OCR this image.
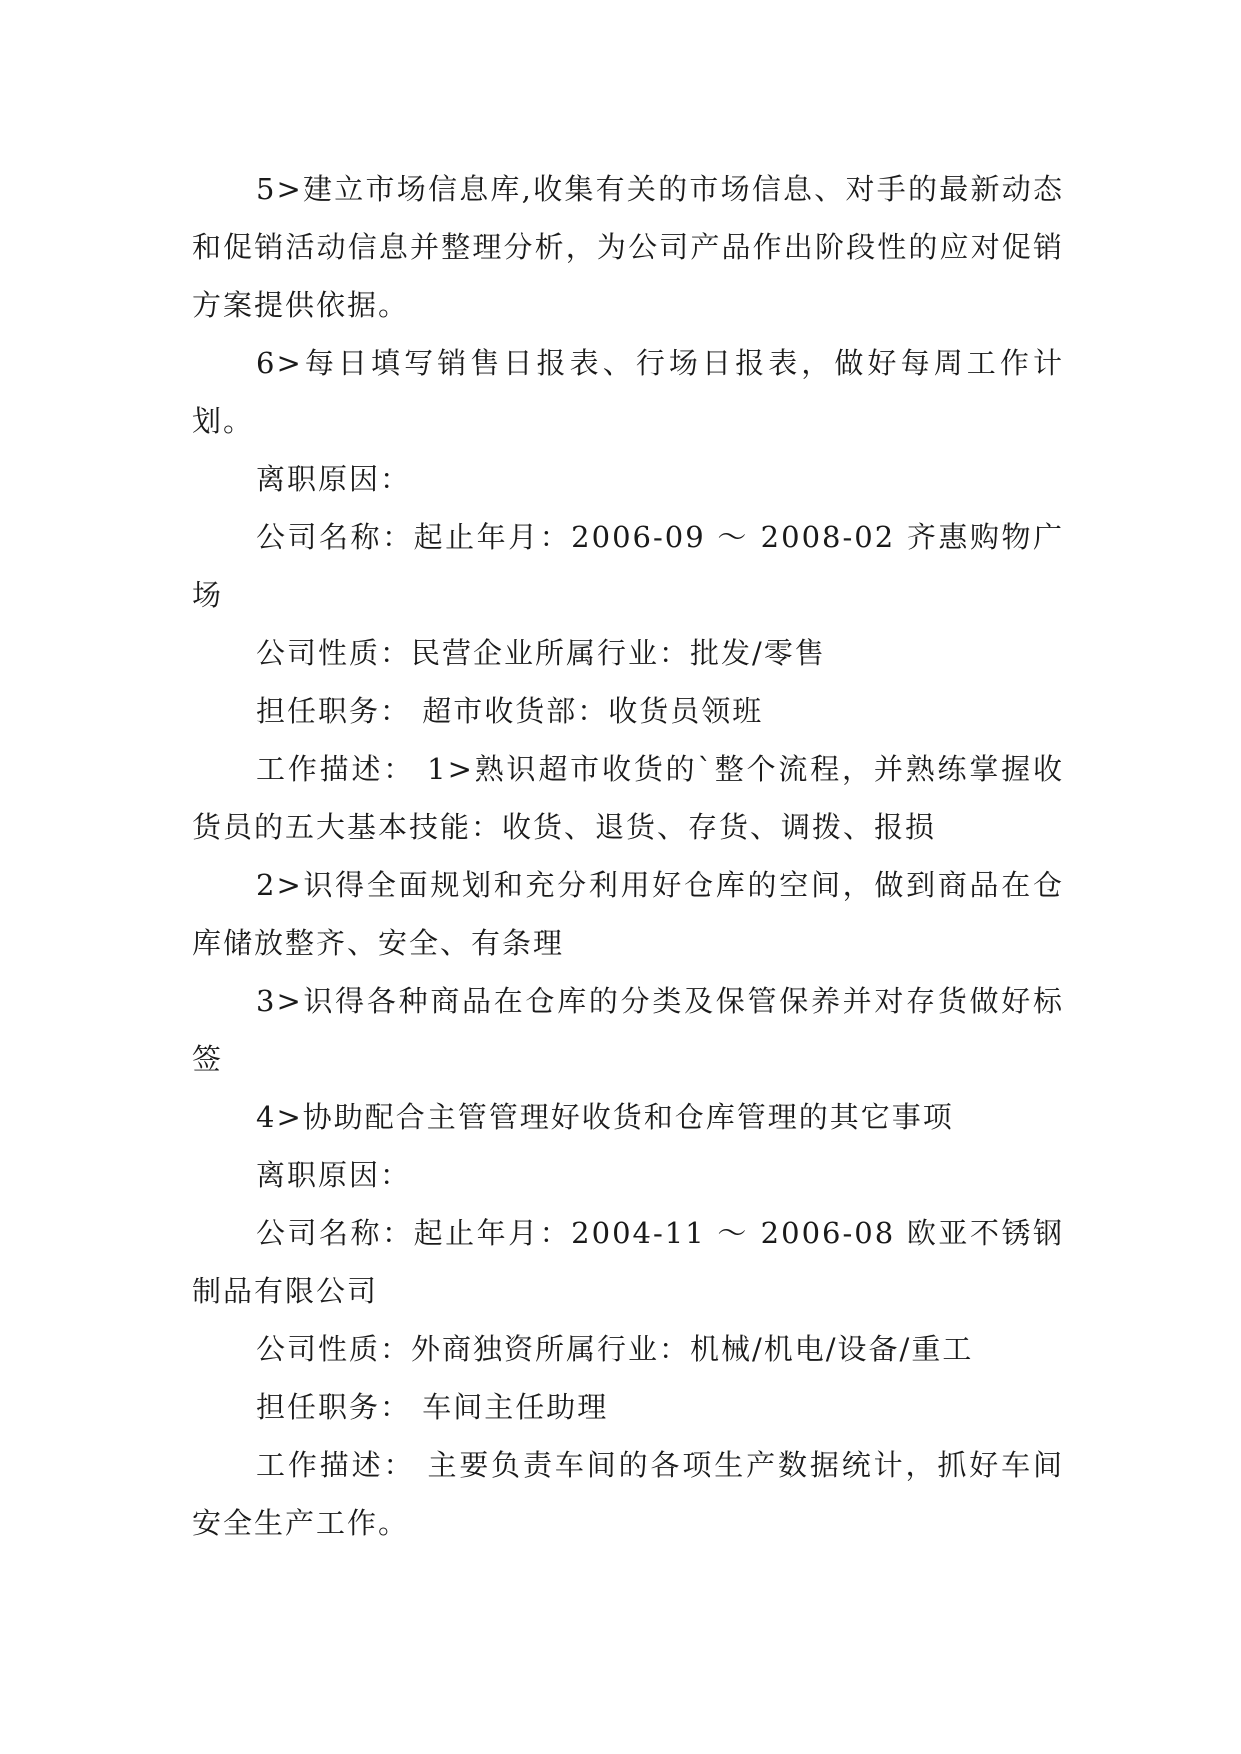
5>建立市场信息库,收集有关的市场信息、对手的最新动态和促销活动信息并整理分析，为公司产品作出阶段性的应对促销方案提供依据。

6>每日填写销售日报表、行场日报表，做好每周工作计划。

离职原因：

公司名称：起止年月：2006-09 ～ 2008-02 齐惠购物广场

公司性质：民营企业所属行业：批发/零售

担任职务： 超市收货部：收货员领班

工作描述： 1>熟识超市收货的`整个流程，并熟练掌握收货员的五大基本技能：收货、退货、存货、调拨、报损

2>识得全面规划和充分利用好仓库的空间，做到商品在仓库储放整齐、安全、有条理

3>识得各种商品在仓库的分类及保管保养并对存货做好标签

4>协助配合主管管理好收货和仓库管理的其它事项

离职原因：

公司名称：起止年月：2004-11 ～ 2006-08 欧亚不锈钢制品有限公司

公司性质：外商独资所属行业：机械/机电/设备/重工

担任职务： 车间主任助理

工作描述： 主要负责车间的各项生产数据统计，抓好车间安全生产工作。
